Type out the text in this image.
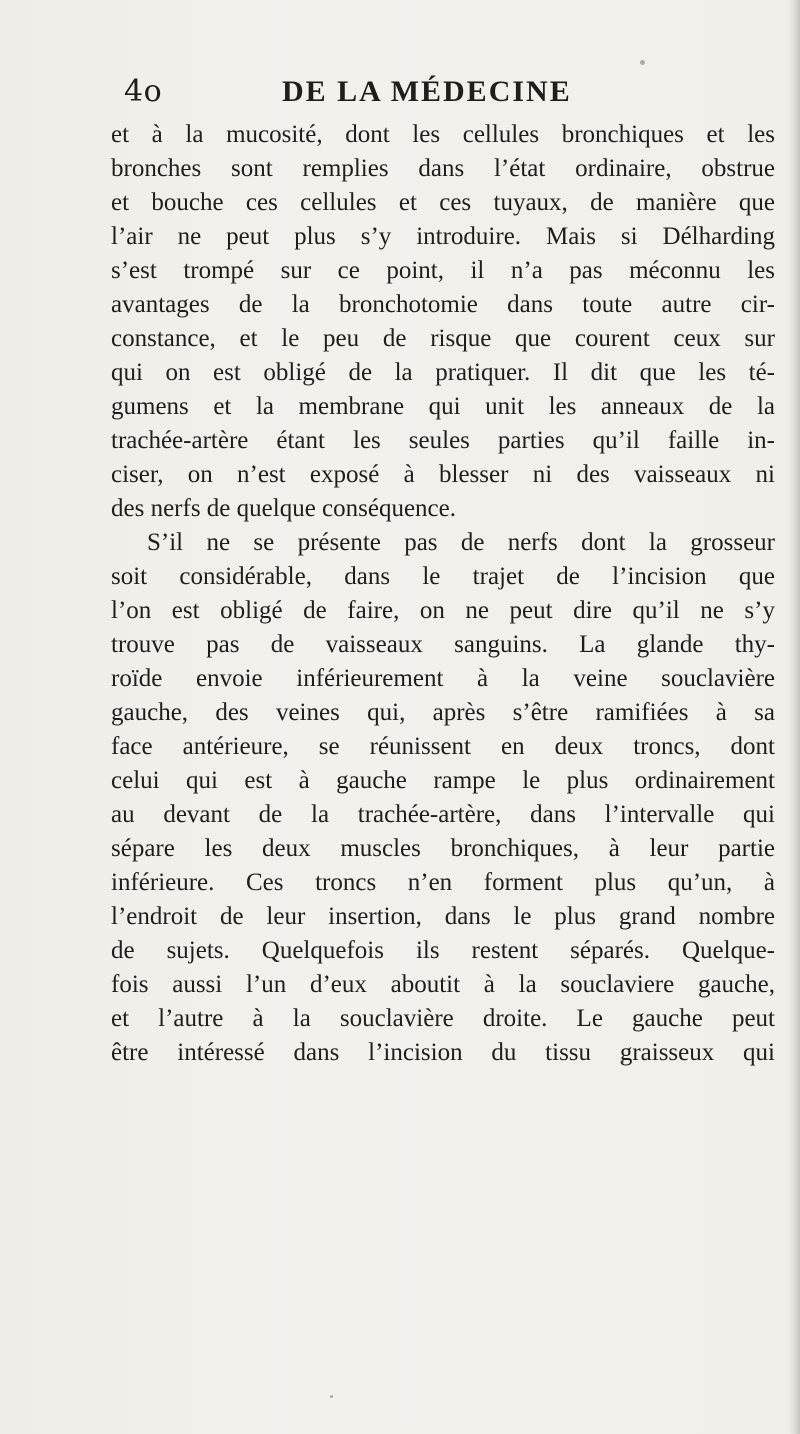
4o	DE LA MÉDECINE
et à la mucosité, dont les cellules bronchiques et les
bronches sont remplies dans l’état ordinaire, obstrue
et bouche ces cellules et ces tuyaux, de manière que
l’air ne peut plus s’y introduire. Mais si Délharding
s’est trompé sur ce point, il n’a pas méconnu les
avantages de la bronchotomie dans toute autre cir-
constance, et le peu de risque que courent ceux sur
qui on est obligé de la pratiquer. Il dit que les té-
gumens et la membrane qui unit les anneaux de la
trachée-artère étant les seules parties qu’il faille in-
ciser, on n’est exposé à blesser ni des vaisseaux ni
des nerfs de quelque conséquence.
S’il ne se présente pas de nerfs dont la grosseur
soit considérable, dans le trajet de l’incision que
l’on est obligé de faire, on ne peut dire qu’il ne s’y
trouve pas de vaisseaux sanguins. La glande thy-
roïde envoie inférieurement à la veine souclavière
gauche, des veines qui, après s’être ramifiées à sa
face antérieure, se réunissent en deux troncs, dont
celui qui est à gauche rampe le plus ordinairement
au devant de la trachée-artère, dans l’intervalle qui
sépare les deux muscles bronchiques, à leur partie
inférieure. Ces troncs n’en forment plus qu’un, à
l’endroit de leur insertion, dans le plus grand nombre
de sujets. Quelquefois ils restent séparés. Quelque-
fois aussi l’un d’eux aboutit à la souclaviere gauche,
et l’autre à la souclavière droite. Le gauche peut
être intéressé dans l’incision du tissu graisseux qui
